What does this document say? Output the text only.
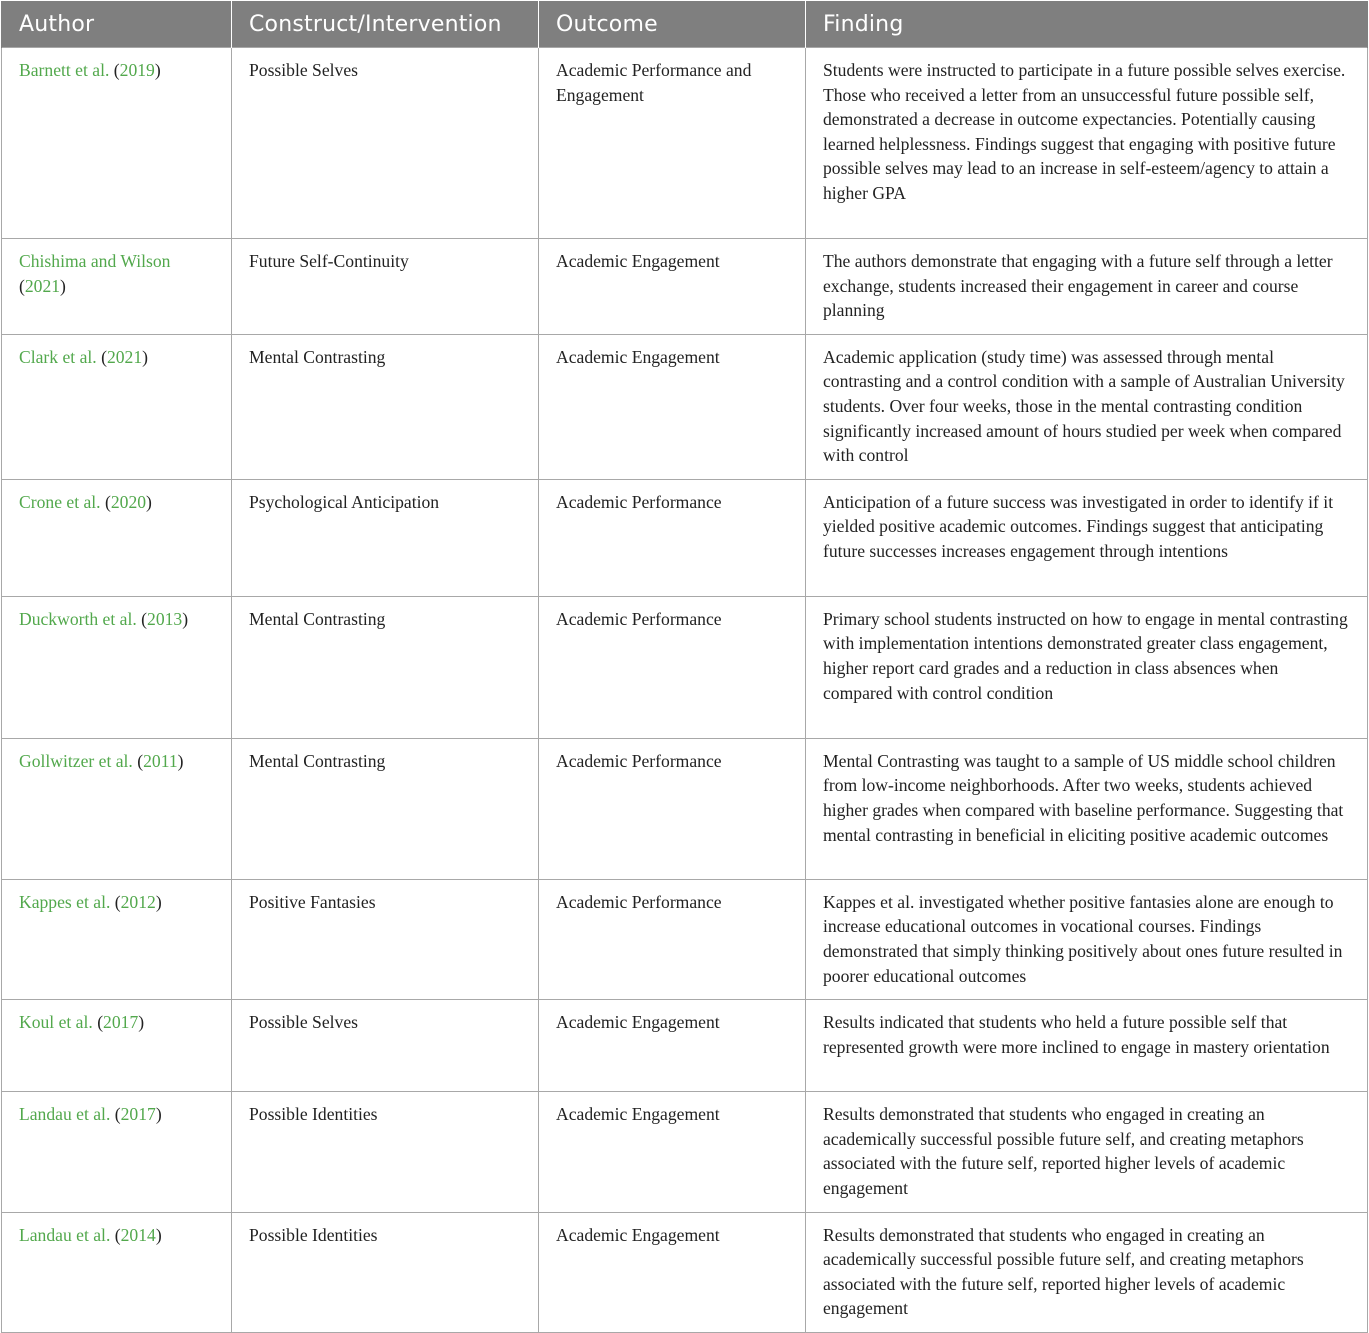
Author	Construct/Intervention	Outcome	Finding
Barnett et al. (2019)	Possible Selves	Academic Performance and Engagement	Students were instructed to participate in a future possible selves exercise. Those who received a letter from an unsuccessful future possible self, demonstrated a decrease in outcome expectancies. Potentially causing learned helplessness. Findings suggest that engaging with positive future possible selves may lead to an increase in self-esteem/agency to attain a higher GPA
Chishima and Wilson (2021)	Future Self-Continuity	Academic Engagement	The authors demonstrate that engaging with a future self through a letter exchange, students increased their engagement in career and course planning
Clark et al. (2021)	Mental Contrasting	Academic Engagement	Academic application (study time) was assessed through mental contrasting and a control condition with a sample of Australian University students. Over four weeks, those in the mental contrasting condition significantly increased amount of hours studied per week when compared with control
Crone et al. (2020)	Psychological Anticipation	Academic Performance	Anticipation of a future success was investigated in order to identify if it yielded positive academic outcomes. Findings suggest that anticipating future successes increases engagement through intentions
Duckworth et al. (2013)	Mental Contrasting	Academic Performance	Primary school students instructed on how to engage in mental contrasting with implementation intentions demonstrated greater class engagement, higher report card grades and a reduction in class absences when compared with control condition
Gollwitzer et al. (2011)	Mental Contrasting	Academic Performance	Mental Contrasting was taught to a sample of US middle school children from low-income neighborhoods. After two weeks, students achieved higher grades when compared with baseline performance. Suggesting that mental contrasting in beneficial in eliciting positive academic outcomes
Kappes et al. (2012)	Positive Fantasies	Academic Performance	Kappes et al. investigated whether positive fantasies alone are enough to increase educational outcomes in vocational courses. Findings demonstrated that simply thinking positively about ones future resulted in poorer educational outcomes
Koul et al. (2017)	Possible Selves	Academic Engagement	Results indicated that students who held a future possible self that represented growth were more inclined to engage in mastery orientation
Landau et al. (2017)	Possible Identities	Academic Engagement	Results demonstrated that students who engaged in creating an academically successful possible future self, and creating metaphors associated with the future self, reported higher levels of academic engagement
Landau et al. (2014)	Possible Identities	Academic Engagement	Results demonstrated that students who engaged in creating an academically successful possible future self, and creating metaphors associated with the future self, reported higher levels of academic engagement
